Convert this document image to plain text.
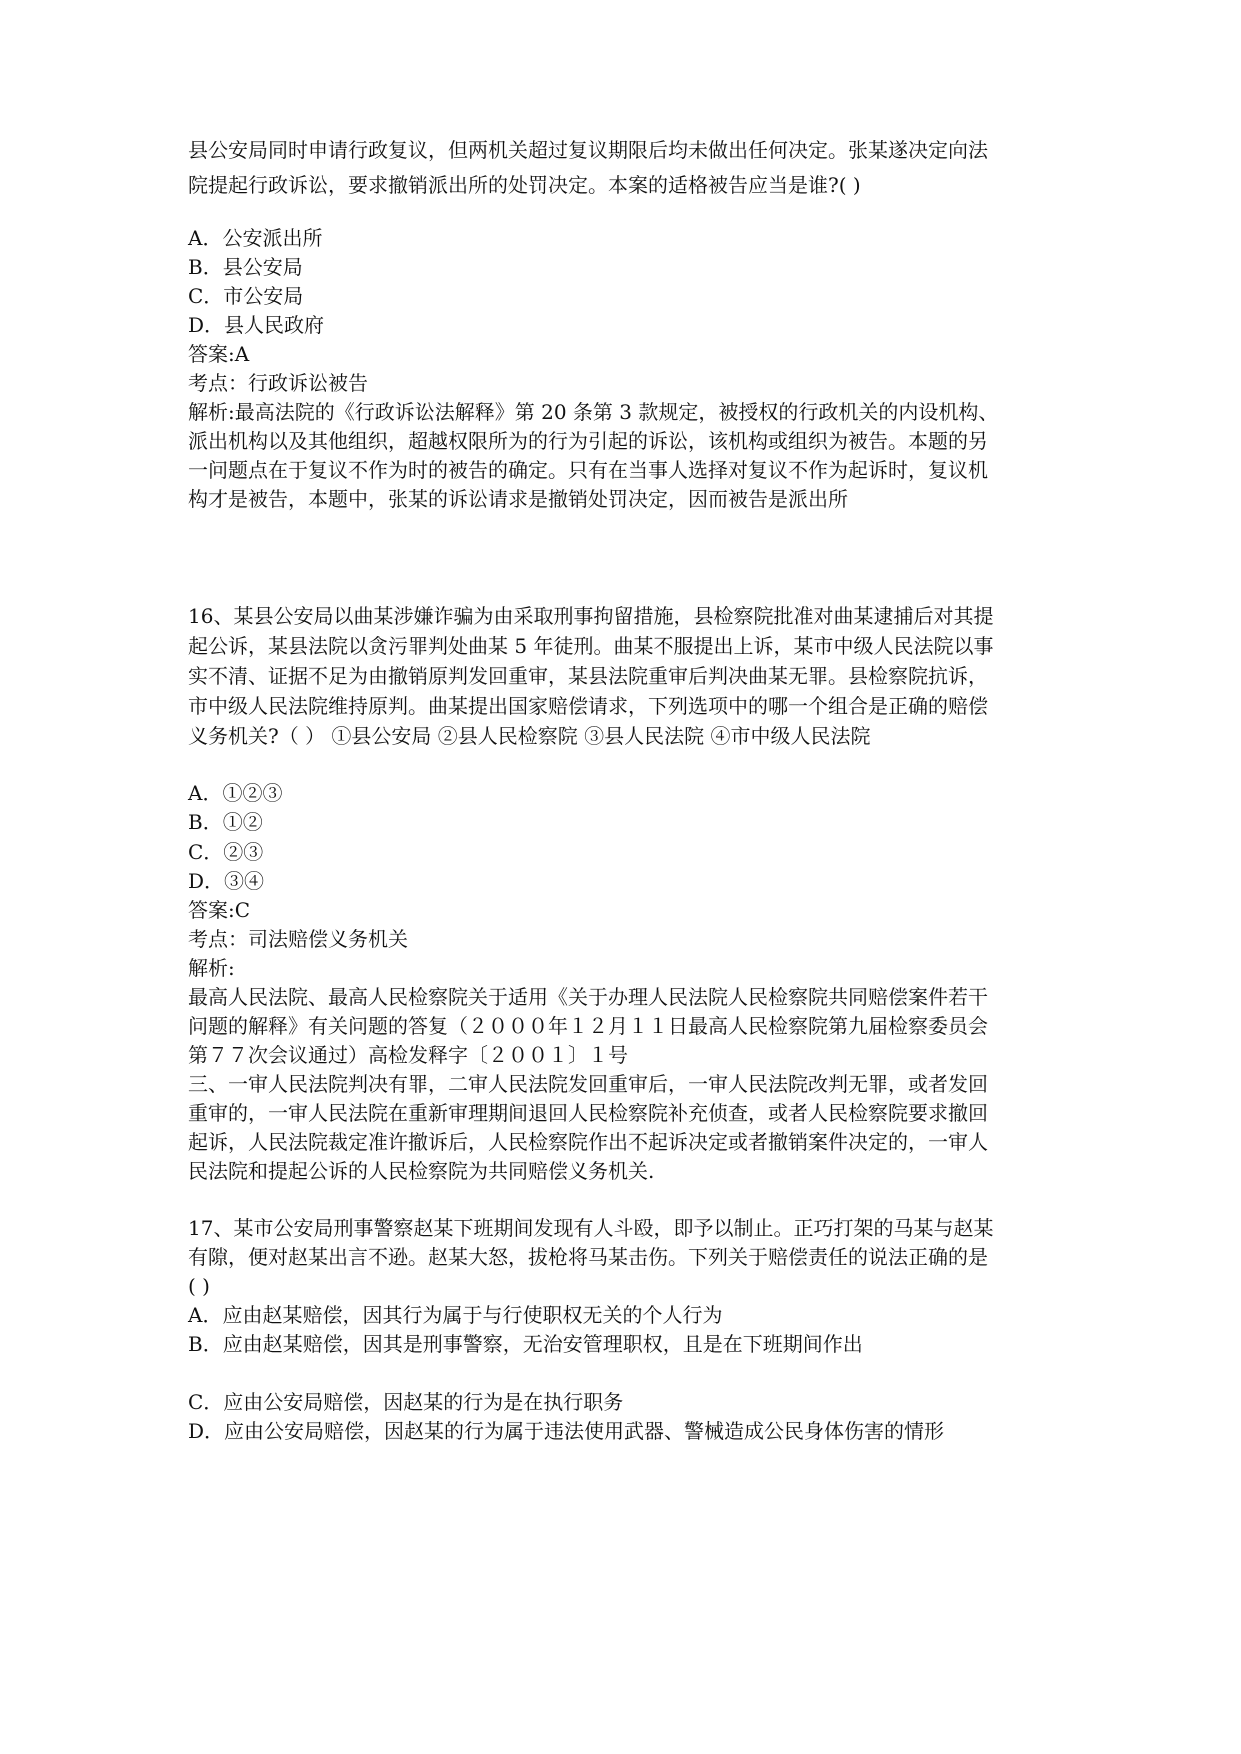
县公安局同时申请行政复议，但两机关超过复议期限后均未做出任何决定。张某遂决定向法
院提起行政诉讼，要求撤销派出所的处罚决定。本案的适格被告应当是谁?( )
A．公安派出所
B．县公安局
C．市公安局
D．县人民政府
答案:A
考点：行政诉讼被告
解析:最高法院的《行政诉讼法解释》第 20 条第 3 款规定，被授权的行政机关的内设机构、
派出机构以及其他组织，超越权限所为的行为引起的诉讼，该机构或组织为被告。本题的另
一问题点在于复议不作为时的被告的确定。只有在当事人选择对复议不作为起诉时，复议机
构才是被告，本题中，张某的诉讼请求是撤销处罚决定，因而被告是派出所
16、某县公安局以曲某涉嫌诈骗为由采取刑事拘留措施，县检察院批准对曲某逮捕后对其提
起公诉，某县法院以贪污罪判处曲某 5 年徒刑。曲某不服提出上诉，某市中级人民法院以事
实不清、证据不足为由撤销原判发回重审，某县法院重审后判决曲某无罪。县检察院抗诉，
市中级人民法院维持原判。曲某提出国家赔偿请求，下列选项中的哪一个组合是正确的赔偿
义务机关?（ ） ①县公安局 ②县人民检察院 ③县人民法院 ④市中级人民法院
A．①②③
B．①②
C．②③
D．③④
答案:C
考点：司法赔偿义务机关
解析:
最高人民法院、最高人民检察院关于适用《关于办理人民法院人民检察院共同赔偿案件若干
问题的解释》有关问题的答复（２０００年１２月１１日最高人民检察院第九届检察委员会
第７７次会议通过）高检发释字〔２００１〕１号
三、一审人民法院判决有罪，二审人民法院发回重审后，一审人民法院改判无罪，或者发回
重审的，一审人民法院在重新审理期间退回人民检察院补充侦查，或者人民检察院要求撤回
起诉，人民法院裁定准许撤诉后，人民检察院作出不起诉决定或者撤销案件决定的，一审人
民法院和提起公诉的人民检察院为共同赔偿义务机关.
17、某市公安局刑事警察赵某下班期间发现有人斗殴，即予以制止。正巧打架的马某与赵某
有隙，便对赵某出言不逊。赵某大怒，拔枪将马某击伤。下列关于赔偿责任的说法正确的是
( )
A．应由赵某赔偿，因其行为属于与行使职权无关的个人行为
B．应由赵某赔偿，因其是刑事警察，无治安管理职权，且是在下班期间作出
C．应由公安局赔偿，因赵某的行为是在执行职务
D．应由公安局赔偿，因赵某的行为属于违法使用武器、警械造成公民身体伤害的情形
